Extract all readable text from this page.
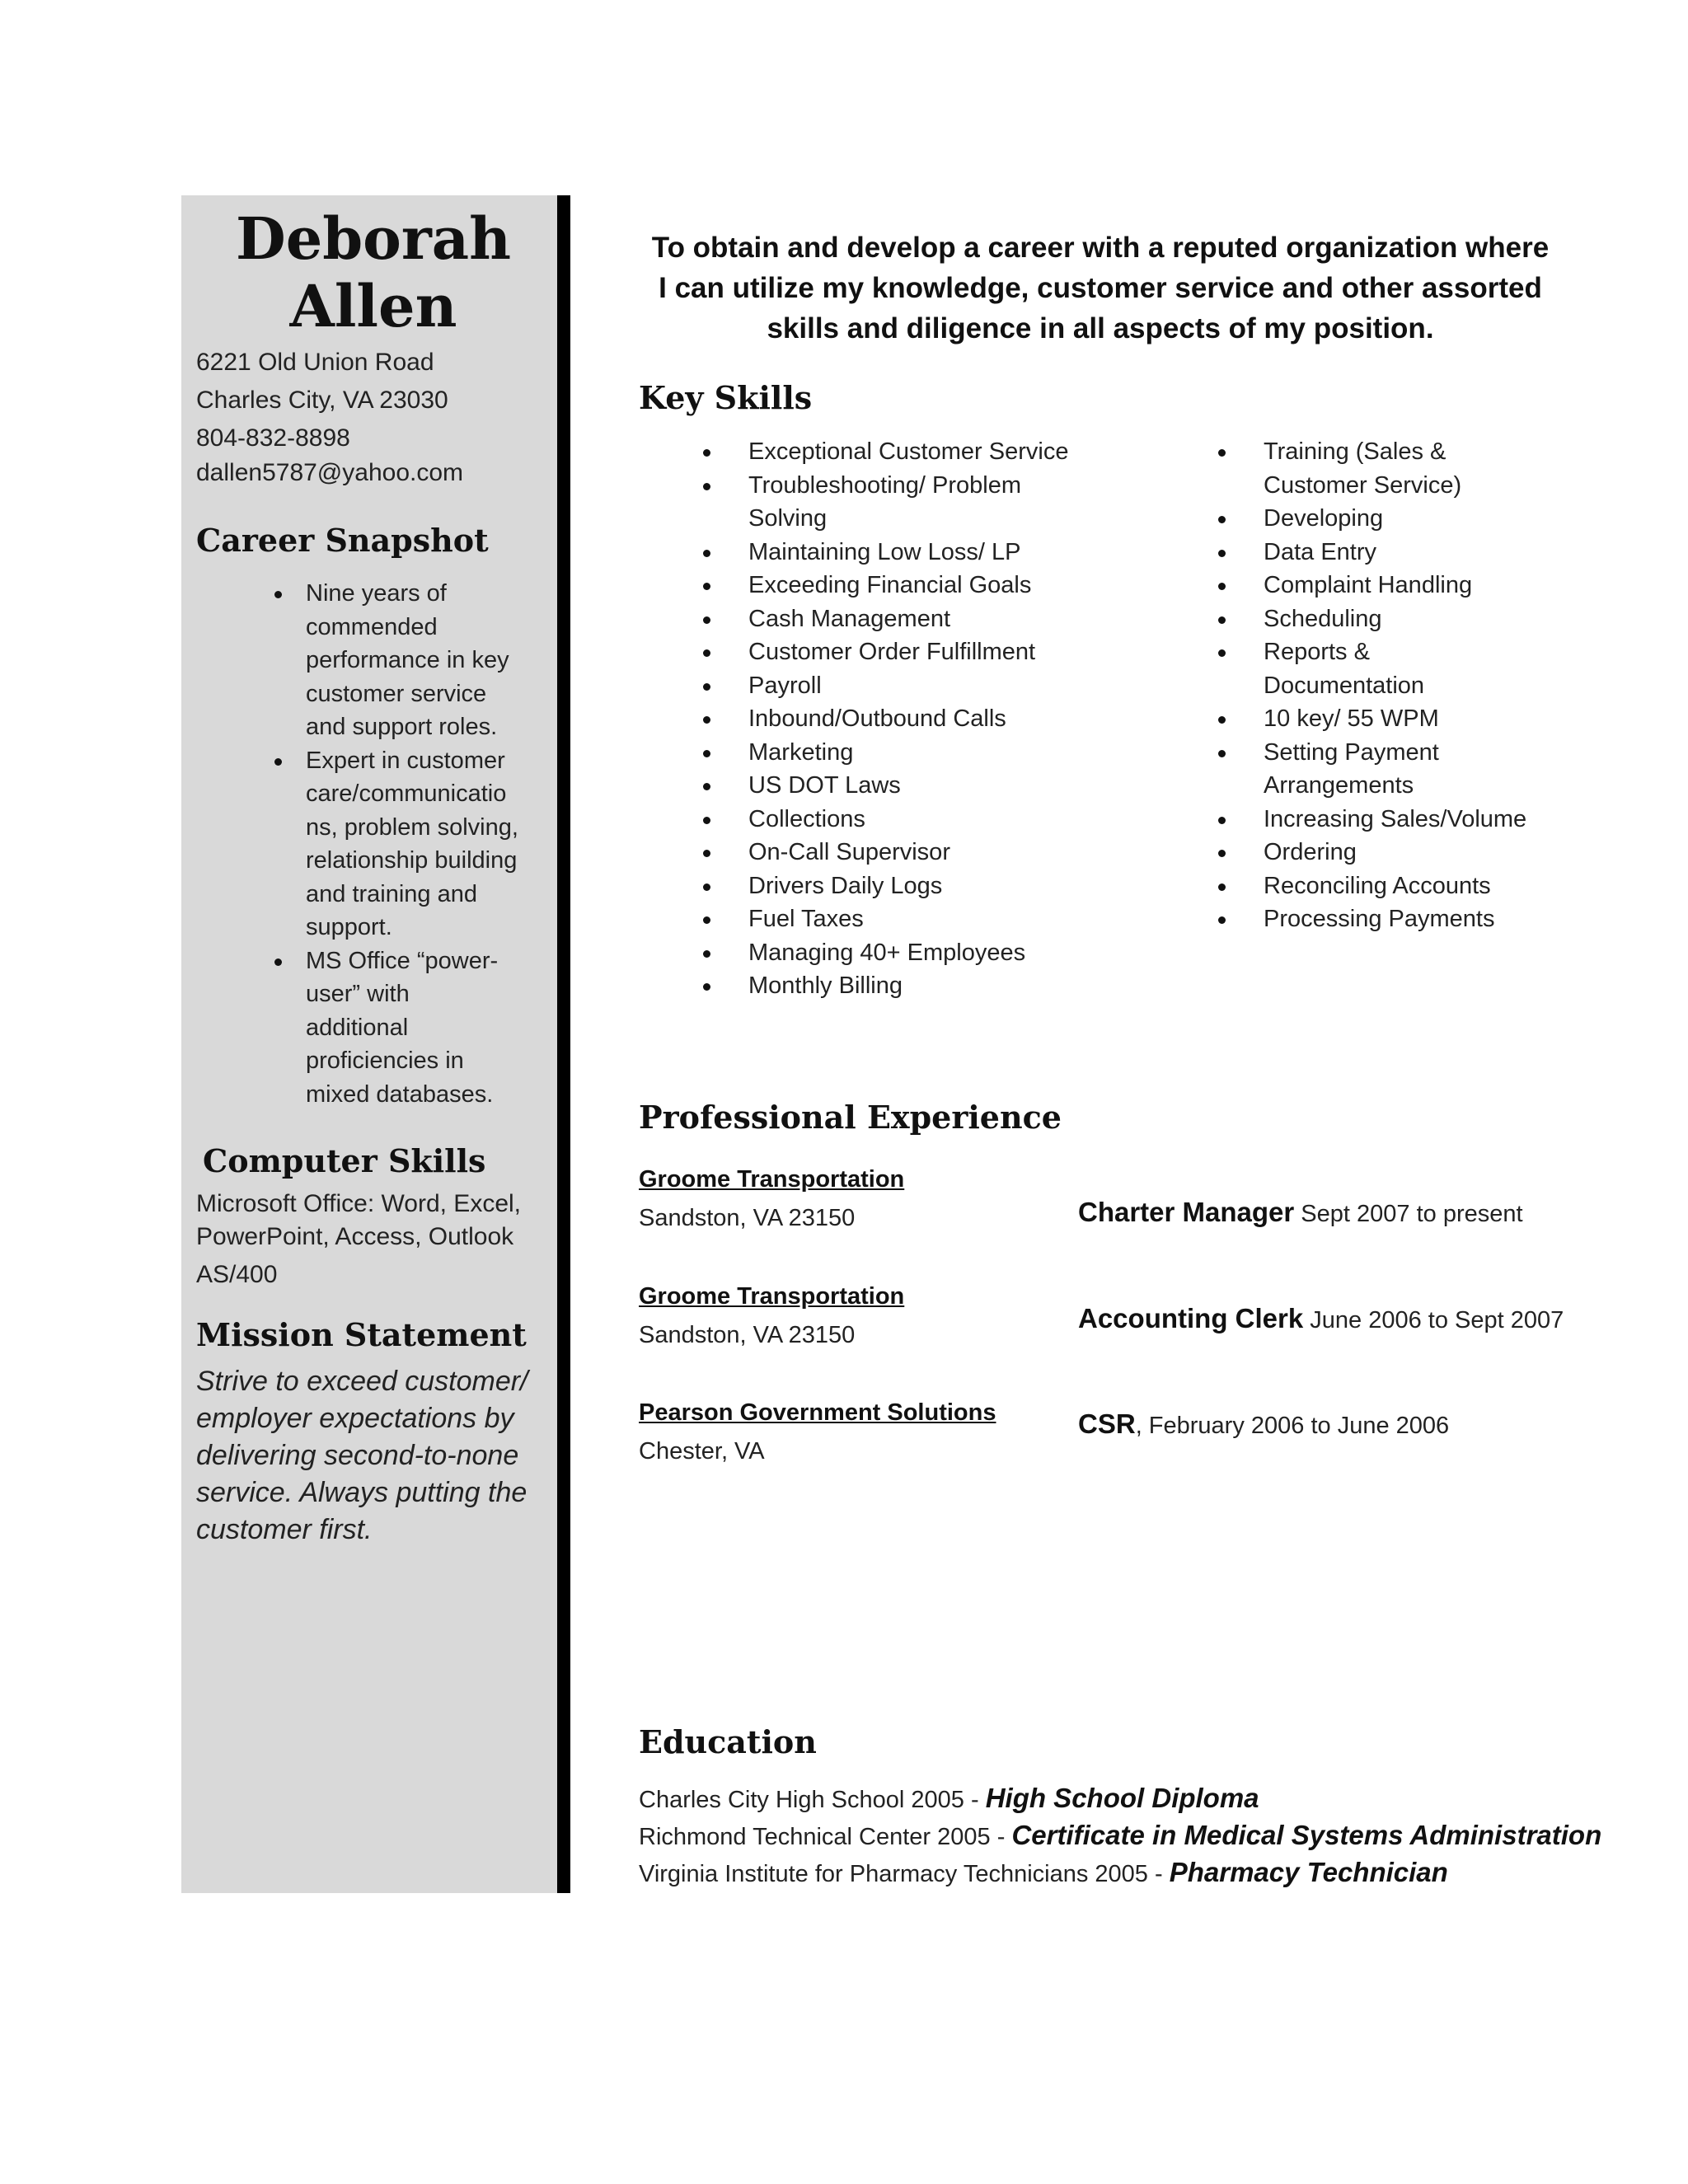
Deborah
Allen
6221 Old Union Road
Charles City, VA 23030
804-832-8898
dallen5787@yahoo.com
Career Snapshot
Nine years of
commended
performance in key
customer service
and support roles.
Expert in customer
care/communicatio
ns, problem solving,
relationship building
and training and
support.
MS Office “power-
user” with
additional
proficiencies in
mixed databases.
Computer Skills
Microsoft Office: Word, Excel,
PowerPoint, Access, Outlook
AS/400
Mission Statement
Strive to exceed customer/
employer expectations by
delivering second-to-none
service. Always putting the
customer first.
To obtain and develop a career with a reputed organization where
I can utilize my knowledge, customer service and other assorted
skills and diligence in all aspects of my position.
Key Skills
Exceptional Customer Service
Troubleshooting/ Problem
Solving
Maintaining Low Loss/ LP
Exceeding Financial Goals
Cash Management
Customer Order Fulfillment
Payroll
Inbound/Outbound Calls
Marketing
US DOT Laws
Collections
On-Call Supervisor
Drivers Daily Logs
Fuel Taxes
Managing 40+ Employees
Monthly Billing
Training (Sales &
Customer Service)
Developing
Data Entry
Complaint Handling
Scheduling
Reports &
Documentation
10 key/ 55 WPM
Setting Payment
Arrangements
Increasing Sales/Volume
Ordering
Reconciling Accounts
Processing Payments
Professional Experience
Groome Transportation
Sandston, VA 23150	Charter Manager Sept 2007 to present
Groome Transportation
Sandston, VA 23150
Accounting Clerk June 2006 to Sept 2007
Pearson Government Solutions
Chester, VA
CSR, February 2006 to June 2006
Education
Charles City High School 2005 - High School Diploma
Richmond Technical Center 2005 - Certificate in Medical Systems Administration
Virginia Institute for Pharmacy Technicians 2005 - Pharmacy Technician
